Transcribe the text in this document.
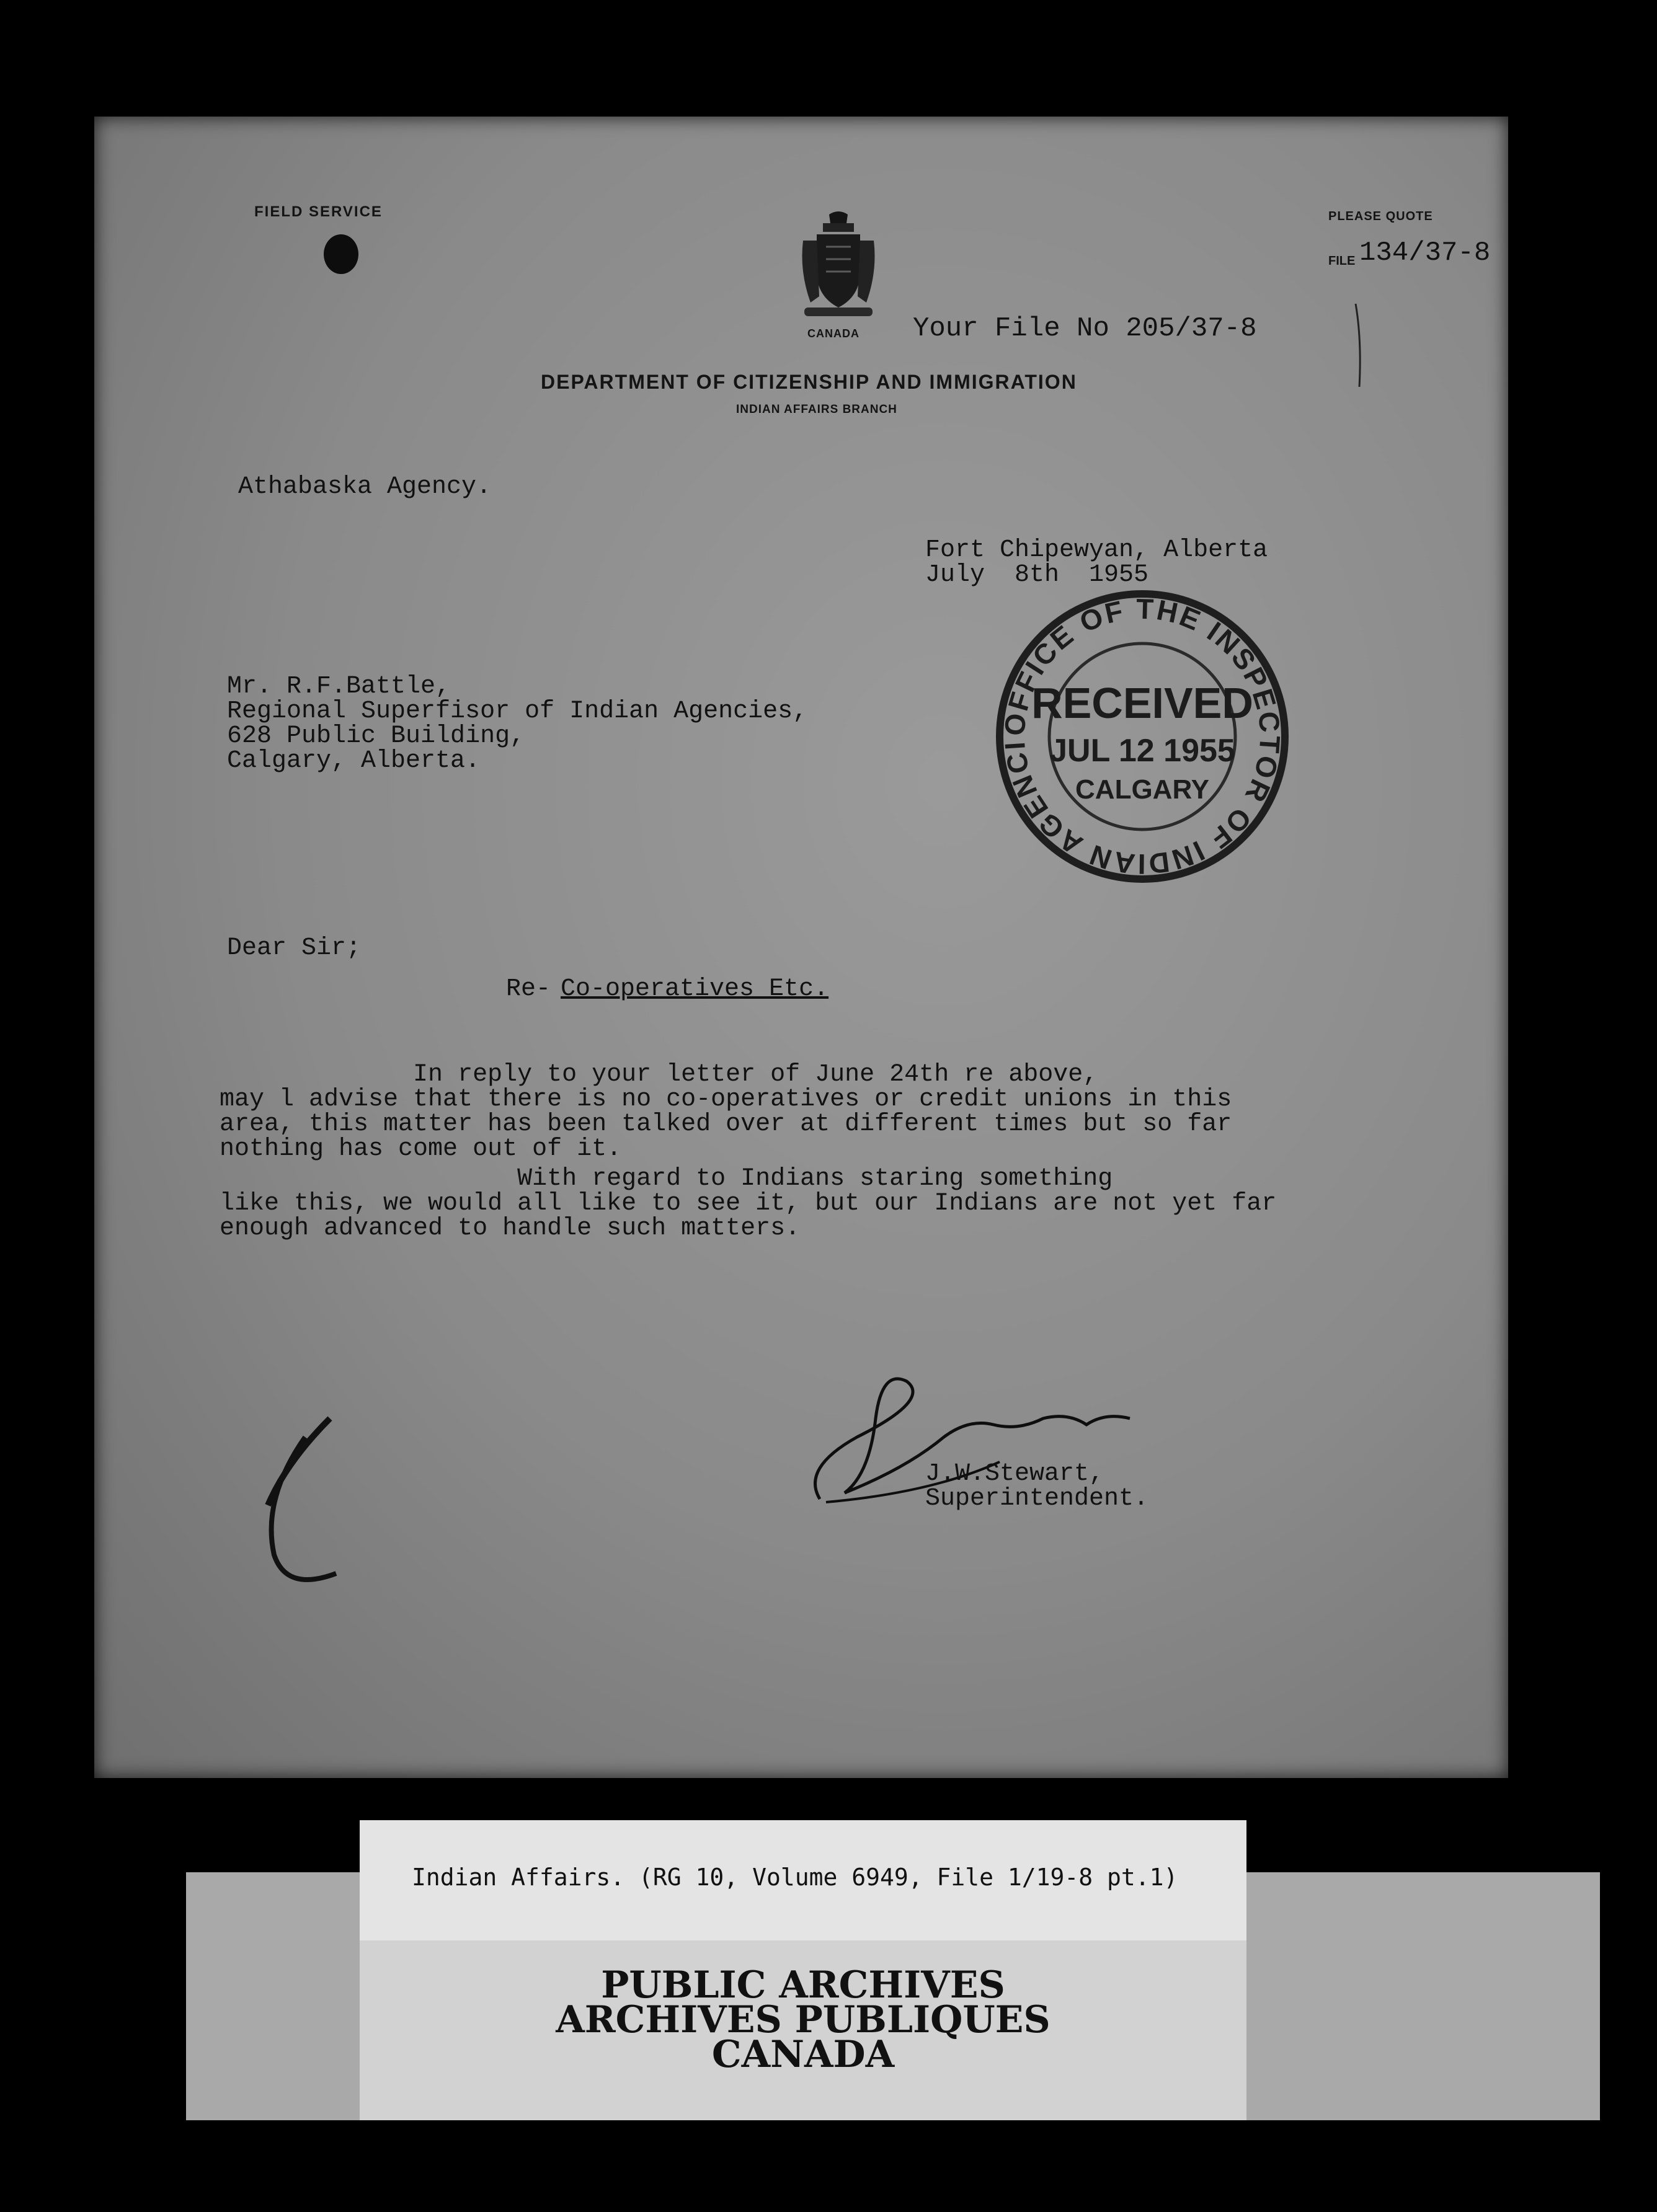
FIELD SERVICE
CANADA
PLEASE QUOTE
FILE 134/37-8
Your File No 205/37-8
DEPARTMENT OF CITIZENSHIP AND IMMIGRATION
INDIAN AFFAIRS BRANCH
Athabaska Agency.
Fort Chipewyan, Alberta
July  8th  1955
Mr. R.F.Battle,
Regional Superfisor of Indian Agencies,
628 Public Building,
Calgary, Alberta.
OFFICE OF THE INSPECTOR OF INDIAN AGENCI
RECEIVED
JUL 12 1955
CALGARY
Dear Sir;
Re- Co-operatives Etc.
In reply to your letter of June 24th re above,
may l advise that there is no co-operatives or credit unions in this
area, this matter has been talked over at different times but so far
nothing has come out of it.
With regard to Indians staring something
like this, we would all like to see it, but our Indians are not yet far
enough advanced to handle such matters.
J.W.Stewart,
Superintendent.
Indian Affairs. (RG 10, Volume 6949, File 1/19-8 pt.1)
PUBLIC ARCHIVES
ARCHIVES PUBLIQUES
CANADA
